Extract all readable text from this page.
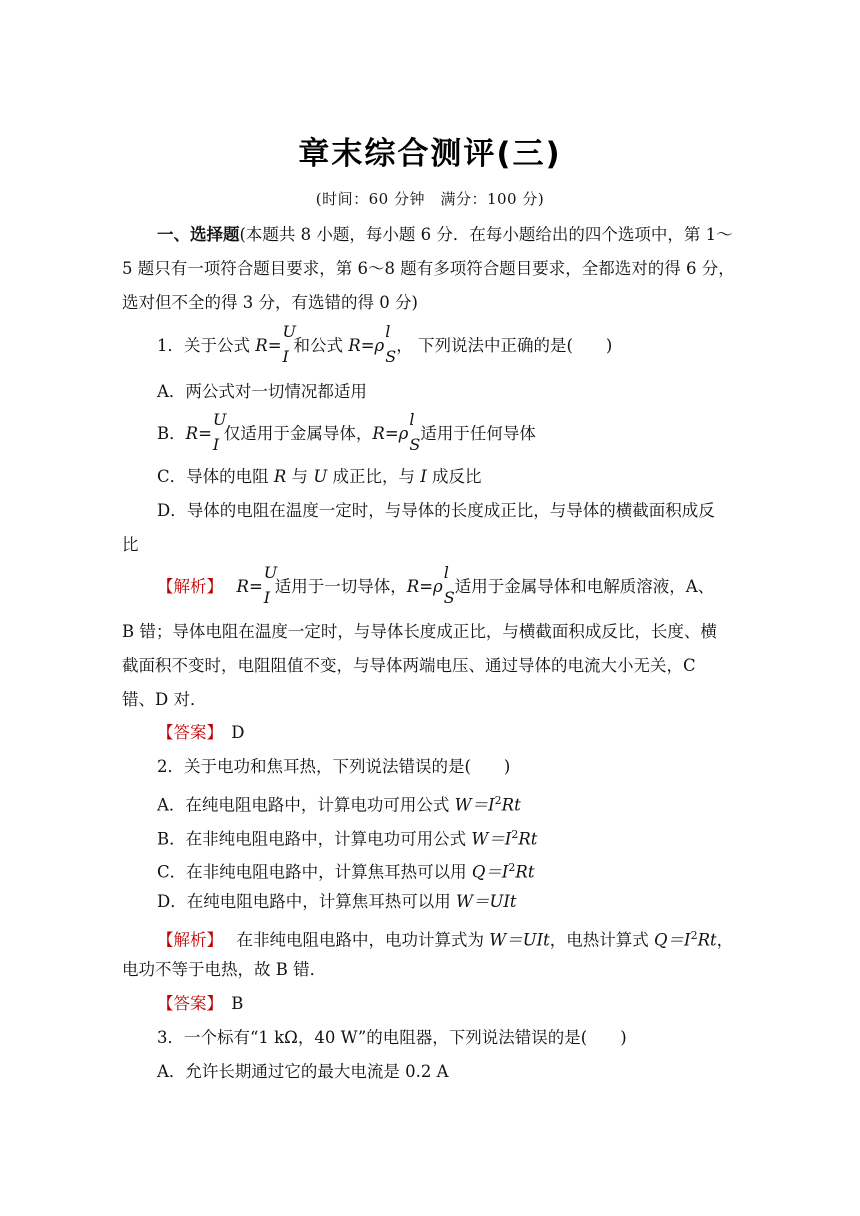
章末综合测评(三)
(时间：60 分钟　满分：100 分)
一、选择题(本题共 8 小题，每小题 6 分．在每小题给出的四个选项中，第 1～
5 题只有一项符合题目要求，第 6～8 题有多项符合题目要求，全都选对的得 6 分，
选对但不全的得 3 分，有选错的得 0 分)
1．关于公式 R=
U
I
和公式 R=ρ
l
S
， 下列说法中正确的是(　　)
A．两公式对一切情况都适用
B．R=
U
I
仅适用于金属导体，R=ρ
l
S
适用于任何导体
C．导体的电阻 R 与 U 成正比，与 I 成反比
D．导体的电阻在温度一定时，与导体的长度成正比，与导体的横截面积成反
比
【解析】　 R=
U
I
适用于一切导体，R=ρ
l
S
适用于金属导体和电解质溶液，A、
B 错；导体电阻在温度一定时，与导体长度成正比，与横截面积成反比，长度、横
截面积不变时，电阻阻值不变，与导体两端电压、通过导体的电流大小无关，C
错、D 对．
【答案】　 D
2．关于电功和焦耳热，下列说法错误的是(　　)
A．在纯电阻电路中，计算电功可用公式 $W=I^2Rt$
B．在非纯电阻电路中，计算电功可用公式 $W=I^2Rt$
C．在非纯电阻电路中，计算焦耳热可以用 $Q=I^2Rt$
D．在纯电阻电路中，计算焦耳热可以用 W＝UIt
【解析】　 在非纯电阻电路中，电功计算式为 W＝UIt，电热计算式 $Q=I^2Rt$，
电功不等于电热，故 B 错．
【答案】　 B
3．一个标有“1 kΩ，40 W”的电阻器，下列说法错误的是(　　)
A．允许长期通过它的最大电流是 0.2 A
